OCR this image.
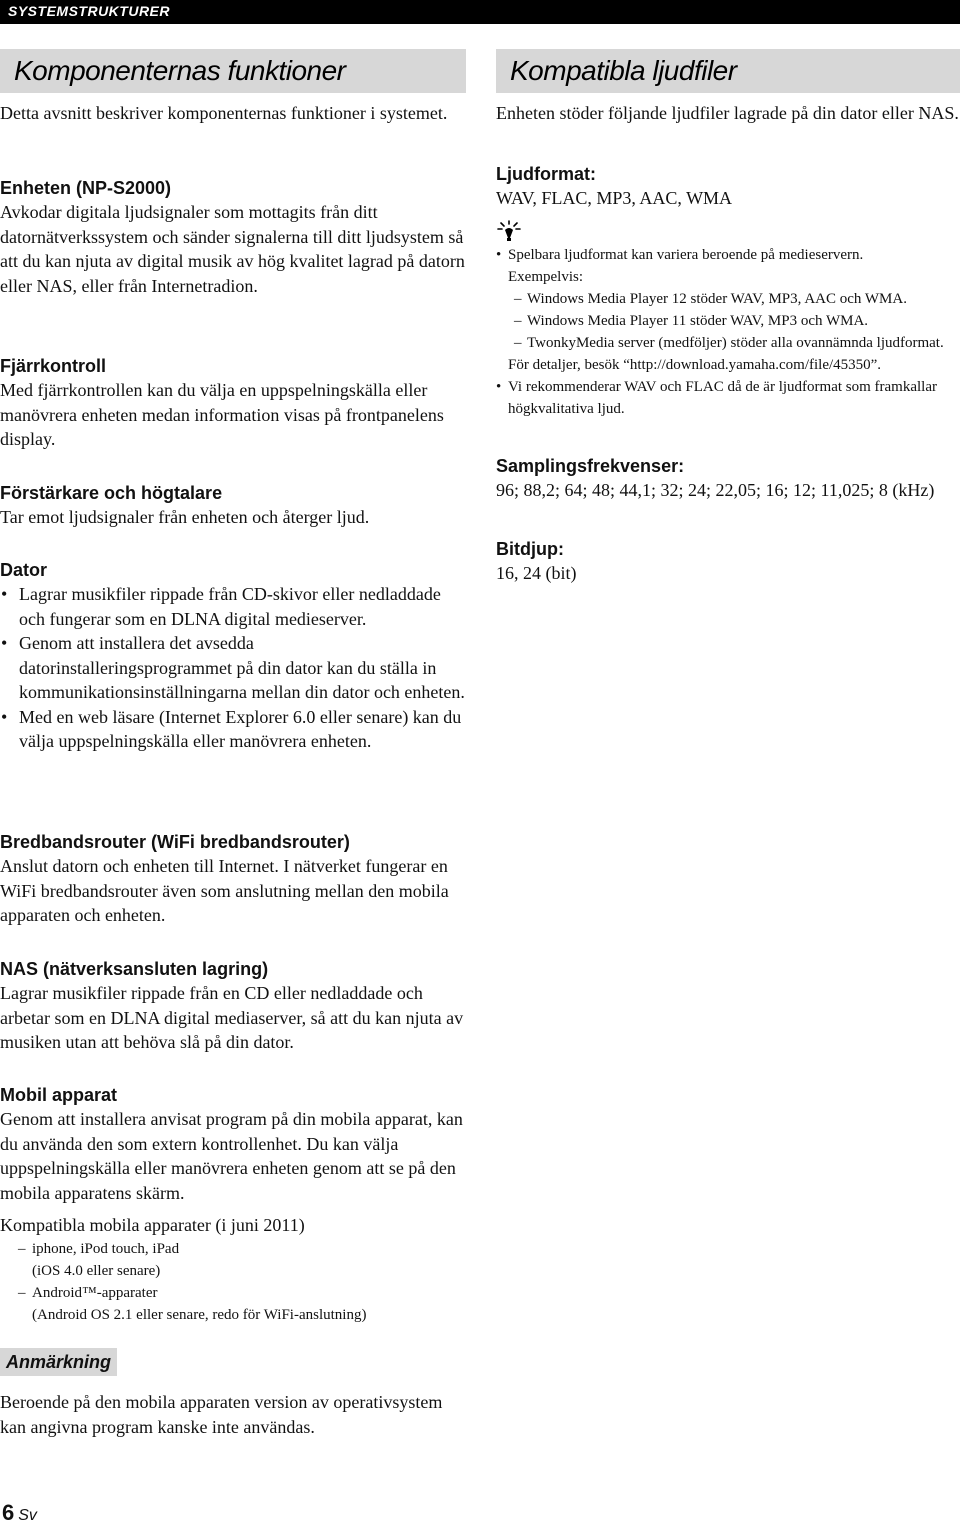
SYSTEMSTRUKTURER
Komponenternas funktioner

Detta avsnitt beskriver komponenternas funktioner i systemet.

Enheten (NP-S2000)

Avkodar digitala ljudsignaler som mottagits från ditt datornätverkssystem och sänder signalerna till ditt ljudsystem så att du kan njuta av digital musik av hög kvalitet lagrad på datorn eller NAS, eller från Internetradion.

Fjärrkontroll

Med fjärrkontrollen kan du välja en uppspelningskälla eller manövrera enheten medan information visas på frontpanelens display.

Förstärkare och högtalare

Tar emot ljudsignaler från enheten och återger ljud.

Dator
• Lagrar musikfiler rippade från CD-skivor eller nedladdade och fungerar som en DLNA digital medieserver.
• Genom att installera det avsedda datorinstalleringsprogrammet på din dator kan du ställa in kommunikationsinställningarna mellan din dator och enheten.
• Med en web läsare (Internet Explorer 6.0 eller senare) kan du välja uppspelningskälla eller manövrera enheten.
Bredbandsrouter (WiFi bredbandsrouter)

Anslut datorn och enheten till Internet. I nätverket fungerar en WiFi bredbandsrouter även som anslutning mellan den mobila apparaten och enheten.

NAS (nätverksansluten lagring)

Lagrar musikfiler rippade från en CD eller nedladdade och arbetar som en DLNA digital mediaserver, så att du kan njuta av musiken utan att behöva slå på din dator.

Mobil apparat

Genom att installera anvisat program på din mobila apparat, kan du använda den som extern kontrollenhet. Du kan välja uppspelningskälla eller manövrera enheten genom att se på den mobila apparatens skärm.

Kompatibla mobila apparater (i juni 2011)

– iphone, iPod touch, iPad
(iOS 4.0 eller senare)
– Android™-apparater
(Android OS 2.1 eller senare, redo för WiFi-anslutning)
Anmärkning

Beroende på den mobila apparaten version av operativsystem kan angivna program kanske inte användas.

Kompatibla ljudfiler

Enheten stöder följande ljudfiler lagrade på din dator eller NAS.

Ljudformat:

WAV, FLAC, MP3, AAC, WMA

• Spelbara ljudformat kan variera beroende på medieservern.
Exempelvis:
– Windows Media Player 12 stöder WAV, MP3, AAC och WMA.
– Windows Media Player 11 stöder WAV, MP3 och WMA.
– TwonkyMedia server (medföljer) stöder alla ovannämnda ljudformat.
För detaljer, besök “http://download.yamaha.com/file/45350”.
• Vi rekommenderar WAV och FLAC då de är ljudformat som framkallar högkvalitativa ljud.
Samplingsfrekvenser:

96; 88,2; 64; 48; 44,1; 32; 24; 22,05; 16; 12; 11,025; 8 (kHz)

Bitdjup:

16, 24 (bit)

6 Sv
